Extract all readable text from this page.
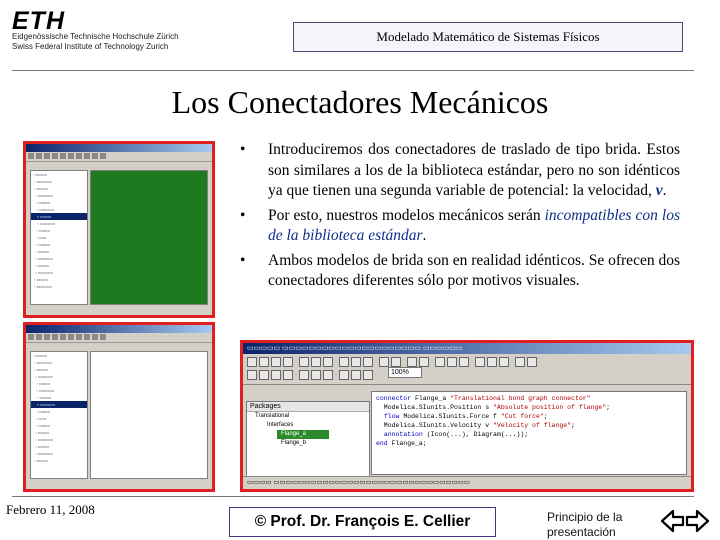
ETH
Eidgenössische Technische Hochschule Zürich
Swiss Federal Institute of Technology Zurich
Modelado Matemático de Sistemas Físicos
Los Conectadores Mecánicos
▫ ▭▭▭
▫ ▭▭▭▭
▫ ▭▭▭
▫ ▭▭▭▭
▫ ▭▭▭
▫ ▭▭▭▭
▪ ▭▭▭
▫ ▭▭▭▭
▫ ▭▭▭
▫ ▭▭
▫ ▭▭▭
▫ ▭▭▭
▫ ▭▭▭▭
▫ ▭▭▭
▫ ▭▭▭▭
▫ ▭▭▭
▫ ▭▭▭▭
▫ ▭▭▭
▫ ▭▭▭▭
▫ ▭▭▭
▫ ▭▭▭▭
▫ ▭▭▭
▫ ▭▭▭▭
▫ ▭▭▭
▪ ▭▭▭▭
▫ ▭▭▭
▫ ▭▭
▫ ▭▭▭
▫ ▭▭▭
▫ ▭▭▭▭
▫ ▭▭▭
▫ ▭▭▭▭
▫ ▭▭▭
• Introduciremos dos conectadores de traslado de tipo brida. Estos son similares a los de la biblioteca estándar, pero no son idénticos ya que tienen una segunda variable de potencial: la velocidad, v.
• Por esto, nuestros modelos mecánicos serán incompatibles con los de la biblioteca estándar.
• Ambos modelos de brida son en realidad idénticos. Se ofrecen dos conectadores diferentes sólo por motivos visuales.
▭▭▭▭▭ ▭▭▭▭▭▭▭▭▭▭▭▭▭▭▭▭▭▭▭▭▭ ▭▭▭▭▭▭
100%
Packages
Translational
Interfaces
Flange_a
Flange_b
connector Flange_a "Translational bond graph connector"
Modelica.SIunits.Position s "Absolute position of flange";
flow Modelica.SIunits.Force f "Cut force";
Modelica.SIunits.Velocity v "Velocity of flange";
annotation (Icon(...), Diagram(...));
end Flange_a;
▭▭▭▭ ▭▭▭▭▭▭▭▭▭▭▭▭▭▭▭▭▭▭▭▭▭▭▭▭▭▭▭▭▭▭▭▭
Febrero 11, 2008
© Prof. Dr. François E. Cellier	Principio de la
presentación
